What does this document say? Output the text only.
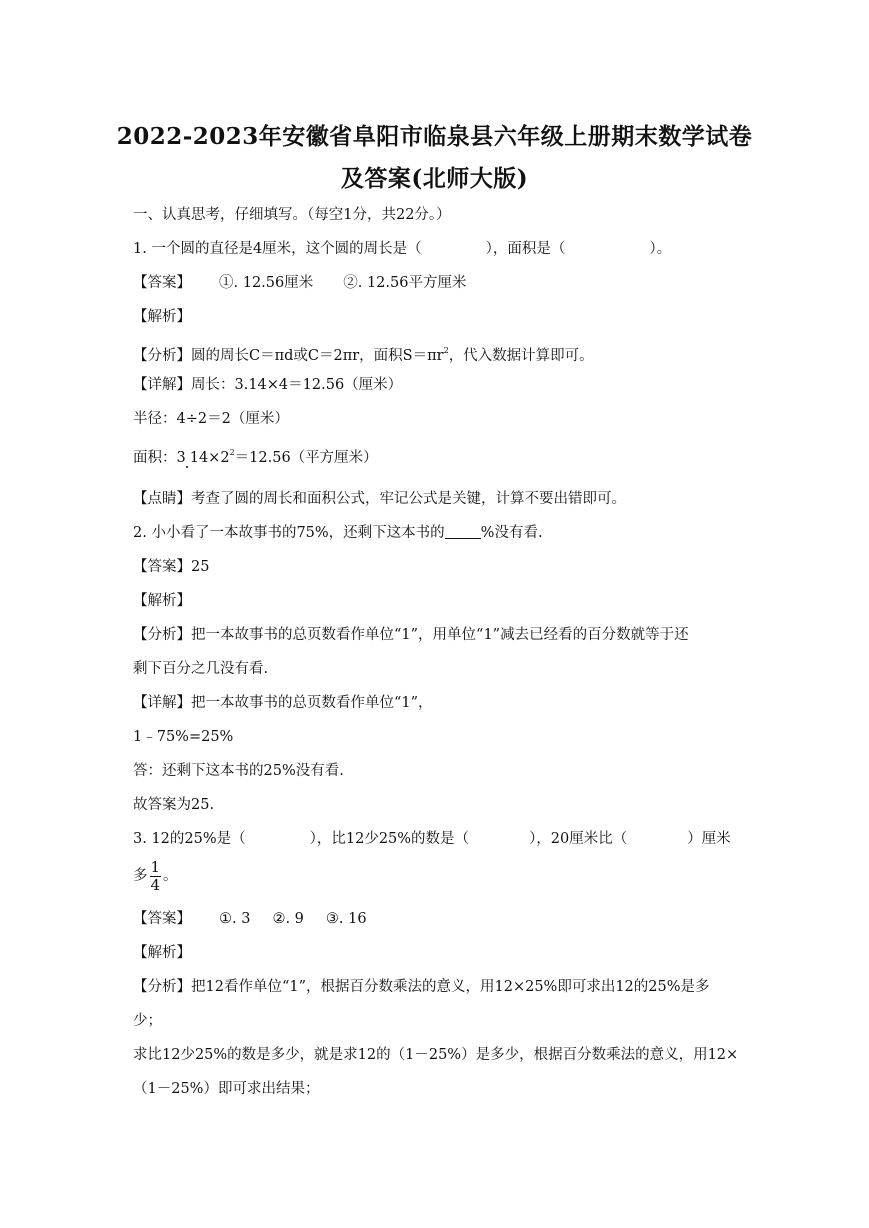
2022-2023年安徽省阜阳市临泉县六年级上册期末数学试卷
及答案(北师大版)
一、认真思考，仔细填写。（每空1分，共22分。）
1. 一个圆的直径是4厘米，这个圆的周长是（	），面积是（	）。
【答案】 ①. 12.56厘米 ②. 12.56平方厘米
【解析】
【分析】圆的周长C＝πd或C＝2πr，面积$S=\pi r^2$，代入数据计算即可。
【详解】周长：3.14×4＝12.56（厘米）
半径：4÷2＝2（厘米）
面积：3 $14\times 2^2=12.56$（平方厘米）
【点睛】考查了圆的周长和面积公式，牢记公式是关键，计算不要出错即可。
2. 小小看了一本故事书的75%，还剩下这本书的 %没有看.
【答案】25
【解析】
【分析】把一本故事书的总页数看作单位“1”，用单位“1”减去已经看的百分数就等于还
剩下百分之几没有看.
【详解】把一本故事书的总页数看作单位“1”，
1﹣75%=25%
答：还剩下这本书的25%没有看.
故答案为25.
3. 12的25%是（	），比12少25%的数是（	），20厘米比（	）厘米
多 $\frac{1}{4}$ 。
【答案】 ①. 3 ②. 9 ③. 16
【解析】
【分析】把12看作单位“1”，根据百分数乘法的意义，用12×25%即可求出12的25%是多
少；
求比12少25%的数是多少，就是求12的（1－25%）是多少，根据百分数乘法的意义，用12×
（1－25%）即可求出结果；
